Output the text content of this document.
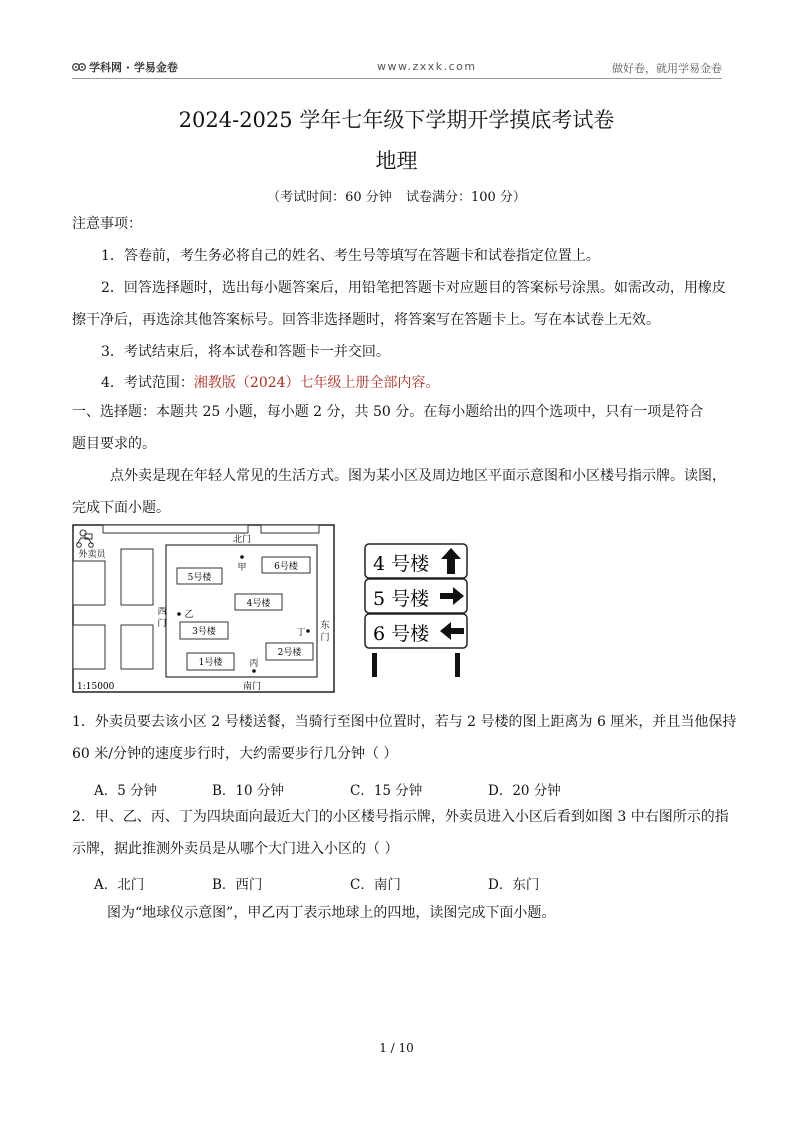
学科网 · 学易金卷	www.zxxk.com	做好卷，就用学易金卷
2024-2025 学年七年级下学期开学摸底考试卷
地理
（考试时间：60 分钟 试卷满分：100 分）
注意事项：
1．答卷前，考生务必将自己的姓名、考生号等填写在答题卡和试卷指定位置上。
2．回答选择题时，选出每小题答案后，用铅笔把答题卡对应题目的答案标号涂黑。如需改动，用橡皮
擦干净后，再选涂其他答案标号。回答非选择题时，将答案写在答题卡上。写在本试卷上无效。
3．考试结束后，将本试卷和答题卡一并交回。
4．考试范围：湘教版（2024）七年级上册全部内容。
一、选择题：本题共 25 小题，每小题 2 分，共 50 分。在每小题给出的四个选项中，只有一项是符合
题目要求的。
点外卖是现在年轻人常见的生活方式。图为某小区及周边地区平面示意图和小区楼号指示牌。读图，
完成下面小题。
5号楼
6号楼
4号楼
3号楼
2号楼
1号楼
北门
南门
西
门	东
门
甲
乙
丙
丁
外卖员
1:15000
4 号楼
5 号楼
6 号楼
1．外卖员要去该小区 2 号楼送餐，当骑行至图中位置时，若与 2 号楼的图上距离为 6 厘米，并且当他保持
60 米/分钟的速度步行时，大约需要步行几分钟（ ）
A．5 分钟	B．10 分钟	C．15 分钟	D．20 分钟
2．甲、乙、丙、丁为四块面向最近大门的小区楼号指示牌，外卖员进入小区后看到如图 3 中右图所示的指
示牌，据此推测外卖员是从哪个大门进入小区的（ ）
A．北门	B．西门	C．南门	D．东门
图为“地球仪示意图”，甲乙丙丁表示地球上的四地，读图完成下面小题。
1 / 10
